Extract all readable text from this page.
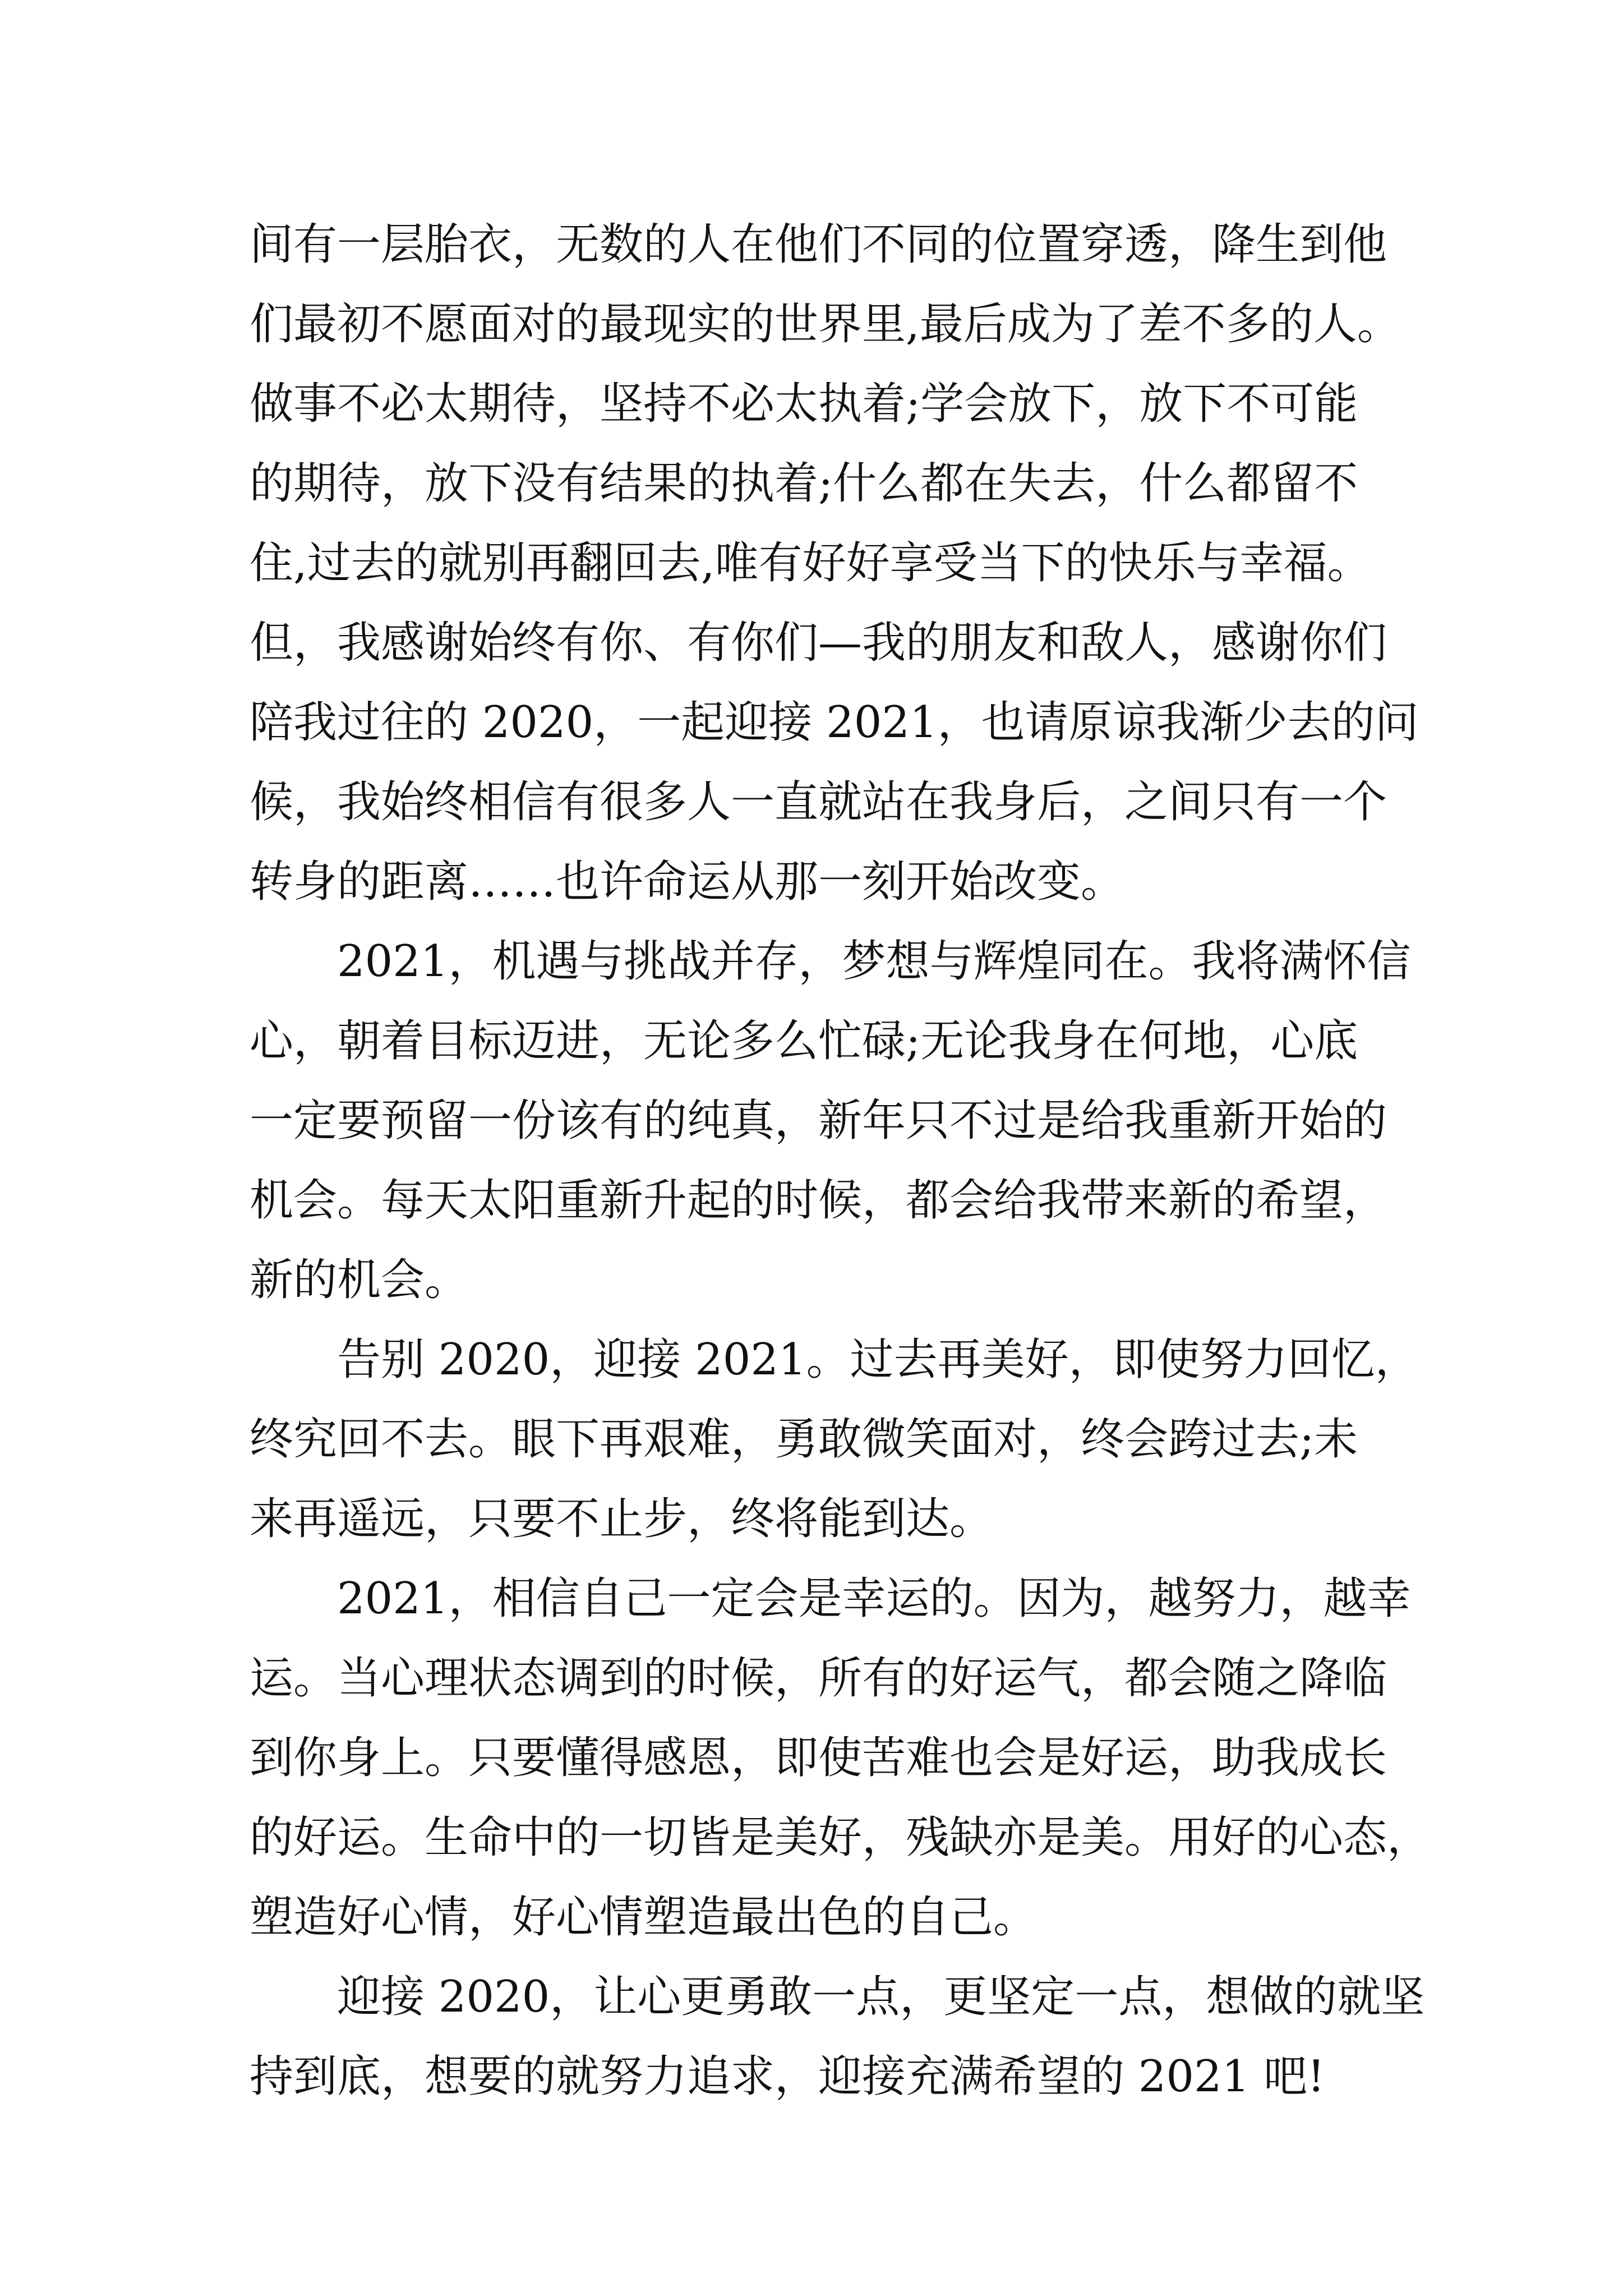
间有一层胎衣，无数的人在他们不同的位置穿透，降生到他
们最初不愿面对的最现实的世界里,最后成为了差不多的人。
做事不必太期待，坚持不必太执着;学会放下，放下不可能
的期待，放下没有结果的执着;什么都在失去，什么都留不
住,过去的就别再翻回去,唯有好好享受当下的快乐与幸福。
但，我感谢始终有你、有你们—我的朋友和敌人，感谢你们
陪我过往的 2020，一起迎接 2021，也请原谅我渐少去的问
候，我始终相信有很多人一直就站在我身后，之间只有一个
转身的距离……也许命运从那一刻开始改变。
2021，机遇与挑战并存，梦想与辉煌同在。我将满怀信
心，朝着目标迈进，无论多么忙碌;无论我身在何地，心底
一定要预留一份该有的纯真，新年只不过是给我重新开始的
机会。每天太阳重新升起的时候，都会给我带来新的希望，
新的机会。
告别 2020，迎接 2021。过去再美好，即使努力回忆，
终究回不去。眼下再艰难，勇敢微笑面对，终会跨过去;未
来再遥远，只要不止步，终将能到达。
2021，相信自己一定会是幸运的。因为，越努力，越幸
运。当心理状态调到的时候，所有的好运气，都会随之降临
到你身上。只要懂得感恩，即使苦难也会是好运，助我成长
的好运。生命中的一切皆是美好，残缺亦是美。用好的心态，
塑造好心情，好心情塑造最出色的自己。
迎接 2020，让心更勇敢一点，更坚定一点，想做的就坚
持到底，想要的就努力追求，迎接充满希望的 2021 吧!
